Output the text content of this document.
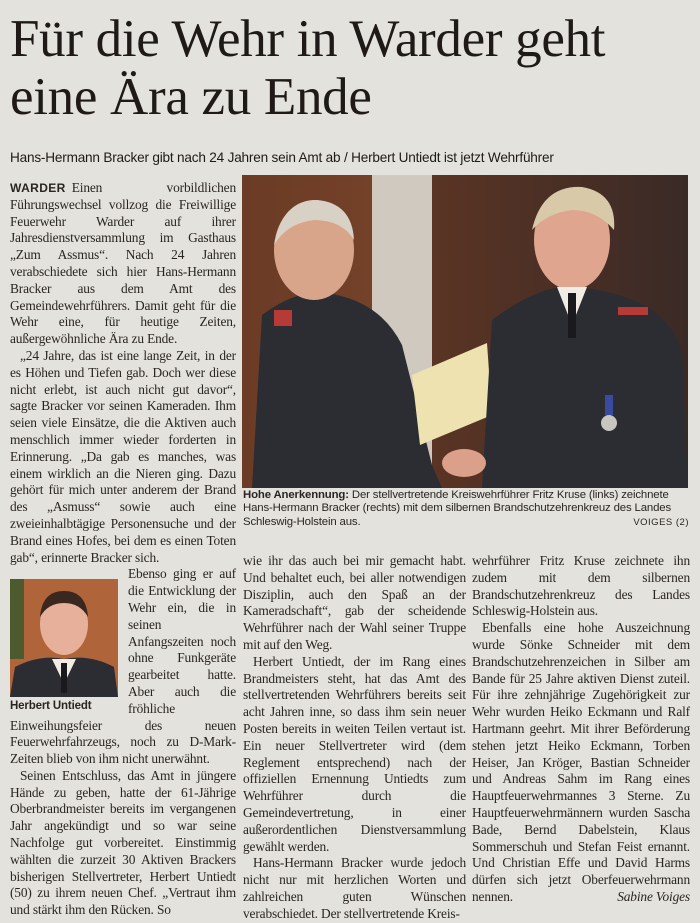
Für die Wehr in Warder geht eine Ära zu Ende
Hans-Hermann Bracker gibt nach 24 Jahren sein Amt ab / Herbert Untiedt ist jetzt Wehrführer
Hohe Anerkennung: Der stellvertretende Kreiswehrführer Fritz Kruse (links) zeichnete Hans-Hermann Bracker (rechts) mit dem silbernen Brandschutzehrenkreuz des Landes Schleswig-Holstein aus.	VOIGES (2)

WARDER Einen vorbildlichen Führungswechsel vollzog die Freiwillige Feuerwehr Warder auf ihrer Jahresdienstversammlung im Gasthaus „Zum Assmus“. Nach 24 Jahren verabschiedete sich hier Hans-Hermann Bracker aus dem Amt des Gemeindewehrführers. Damit geht für die Wehr eine, für heutige Zeiten, außergewöhnliche Ära zu Ende.

„24 Jahre, das ist eine lange Zeit, in der es Höhen und Tiefen gab. Doch wer diese nicht erlebt, ist auch nicht gut davor“, sagte Bracker vor seinen Kameraden. Ihm seien viele Einsätze, die die Aktiven auch menschlich immer wieder forderten in Erinnerung. „Da gab es manches, was einem wirklich an die Nieren ging. Dazu gehört für mich unter anderem der Brand des „Asmuss“ sowie auch eine zweieinhalbtägige Personensuche und der Brand eines Hofes, bei dem es einen Toten gab“, erinnerte Bracker sich.

Herbert Untiedt
Ebenso ging er auf die Entwicklung der Wehr ein, die in seinen Anfangszeiten noch ohne Funkgeräte gearbeitet hatte. Aber auch die fröhliche Einweihungsfeier des neuen Feuerwehrfahrzeugs, noch zu D-Mark-Zeiten blieb von ihm nicht unerwähnt.

Seinen Entschluss, das Amt in jüngere Hände zu geben, hatte der 61-Jährige Oberbrandmeister bereits im vergangenen Jahr angekündigt und so war seine Nachfolge gut vorbereitet. Einstimmig wählten die zurzeit 30 Aktiven Brackers bisherigen Stellvertreter, Herbert Untiedt (50) zu ihrem neuen Chef. „Vertraut ihm und stärkt ihm den Rücken. So

wie ihr das auch bei mir gemacht habt. Und behaltet euch, bei aller notwendigen Disziplin, auch den Spaß an der Kameradschaft“, gab der scheidende Wehrführer nach der Wahl seiner Truppe mit auf den Weg.

Herbert Untiedt, der im Rang eines Brandmeisters steht, hat das Amt des stellvertretenden Wehrführers bereits seit acht Jahren inne, so dass ihm sein neuer Posten bereits in weiten Teilen vertaut ist. Ein neuer Stellvertreter wird (dem Reglement entsprechend) nach der offiziellen Ernennung Untiedts zum Wehrführer durch die Gemeindevertretung, in einer außerordentlichen Dienstversammlung gewählt werden.

Hans-Hermann Bracker wurde jedoch nicht nur mit herzlichen Worten und zahlreichen guten Wünschen verabschiedet. Der stellvertretende Kreis-

wehrführer Fritz Kruse zeichnete ihn zudem mit dem silbernen Brandschutzehrenkreuz des Landes Schleswig-Holstein aus.

Ebenfalls eine hohe Auszeichnung wurde Sönke Schneider mit dem Brandschutzehrenzeichen in Silber am Bande für 25 Jahre aktiven Dienst zuteil. Für ihre zehnjährige Zugehörigkeit zur Wehr wurden Heiko Eckmann und Ralf Hartmann geehrt. Mit ihrer Beförderung stehen jetzt Heiko Eckmann, Torben Heiser, Jan Kröger, Bastian Schneider und Andreas Sahm im Rang eines Hauptfeuerwehrmannes 3 Sterne. Zu Hauptfeuerwehrmännern wurden Sascha Bade, Bernd Dabelstein, Klaus Sommerschuh und Stefan Feist ernannt. Und Christian Effe und David Harms dürfen sich jetzt Oberfeuerwehrmann nennen.	Sabine Voiges
